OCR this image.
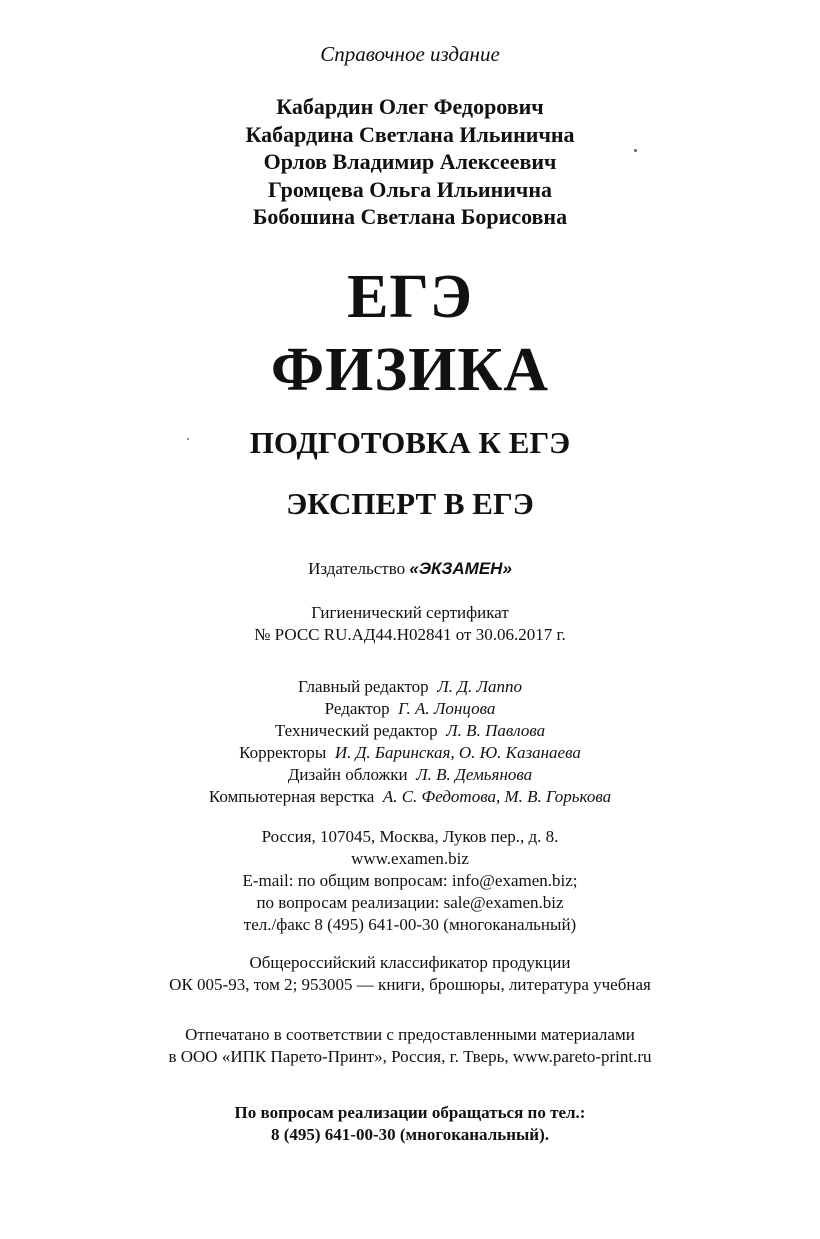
Справочное издание
Кабардин Олег Федорович
Кабардина Светлана Ильинична
Орлов Владимир Алексеевич
Громцева Ольга Ильинична
Бобошина Светлана Борисовна
ЕГЭ
ФИЗИКА
ПОДГОТОВКА К ЕГЭ
ЭКСПЕРТ В ЕГЭ
Издательство «ЭКЗАМЕН»
Гигиенический сертификат
№ РОСС RU.АД44.Н02841 от 30.06.2017 г.
Главный редактор Л. Д. Лаппо
Редактор Г. А. Лонцова
Технический редактор Л. В. Павлова
Корректоры И. Д. Баринская, О. Ю. Казанаева
Дизайн обложки Л. В. Демьянова
Компьютерная верстка А. С. Федотова, М. В. Горькова
Россия, 107045, Москва, Луков пер., д. 8.
www.examen.biz
E-mail: по общим вопросам: info@examen.biz;
по вопросам реализации: sale@examen.biz
тел./факс 8 (495) 641-00-30 (многоканальный)
Общероссийский классификатор продукции
ОК 005-93, том 2; 953005 — книги, брошюры, литература учебная
Отпечатано в соответствии с предоставленными материалами
в ООО «ИПК Парето-Принт», Россия, г. Тверь, www.pareto-print.ru
По вопросам реализации обращаться по тел.:
8 (495) 641-00-30 (многоканальный).
